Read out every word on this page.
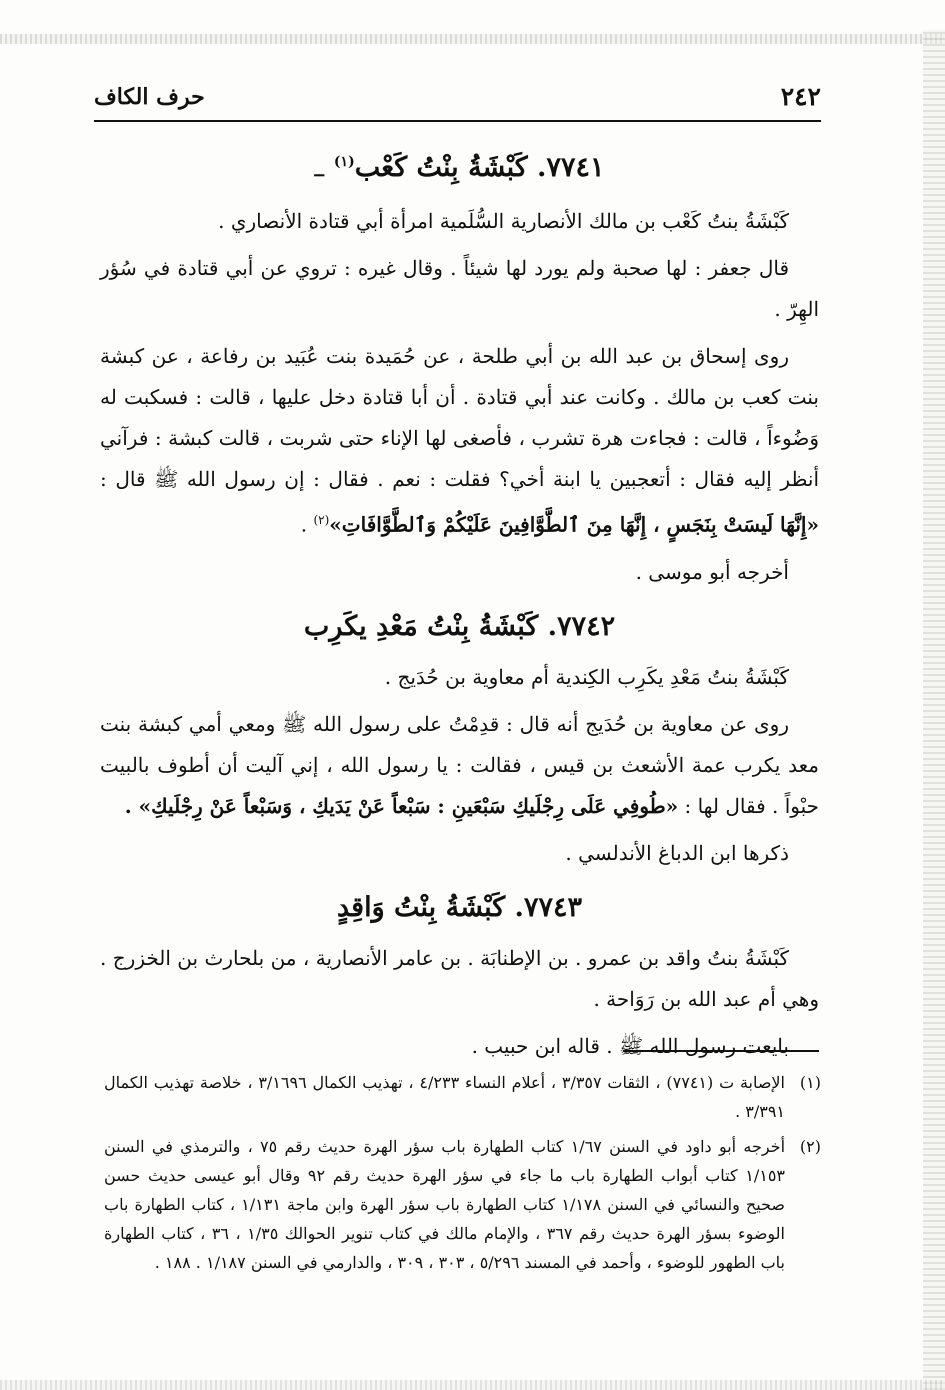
٢٤٢
حرف الكاف
٧٧٤١. كَبْشَةُ بِنْتُ كَعْب$^{(١)}$ــ

كَبْشَةُ بنتُ كَعْب بن مالك الأنصارية السُّلَمية امرأة أبي قتادة الأنصاري .

قال جعفر : لها صحبة ولم يورد لها شيئاً . وقال غيره : تروي عن أبي قتادة في سُؤر الهِرّ .

روى إسحاق بن عبد الله بن أبي طلحة ، عن حُمَيدة بنت عُبَيد بن رفاعة ، عن كبشة بنت كعب بن مالك . وكانت عند أبي قتادة . أن أبا قتادة دخل عليها ، قالت : فسكبت له وَضُوءاً ، قالت : فجاءت هرة تشرب ، فأصغى لها الإناء حتى شربت ، قالت كبشة : فرآني أنظر إليه فقال : أتعجبين يا ابنة أخي؟ فقلت : نعم . فقال : إن رسول الله ﷺ قال : «إِنَّهَا لَيسَتْ بِنَجَسٍ ، إِنَّهَا مِنَ ٱلطَّوَّافِينَ عَلَيْكُمْ وَٱلطَّوَّافَاتِ»$^{(٢)}$ .

أخرجه أبو موسى .

٧٧٤٢. كَبْشَةُ بِنْتُ مَعْدِ يكَرِب

كَبْشَةُ بنتُ مَعْدِ يكَرِب الكِندية أم معاوية بن حُدَيج .

روى عن معاوية بن حُدَيج أنه قال : قدِمْتُ على رسول الله ﷺ ومعي أمي كبشة بنت معد يكرب عمة الأشعث بن قيس ، فقالت : يا رسول الله ، إني آليت أن أطوف بالبيت حبْواً . فقال لها : «طُوفِي عَلَى رِجْلَيكِ سَبْعَينِ : سَبْعاً عَنْ يَدَيكِ ، وَسَبْعاً عَنْ رِجْلَيكِ» .

ذكرها ابن الدباغ الأندلسي .

٧٧٤٣. كَبْشَةُ بِنْتُ وَاقِدٍ

كَبْشَةُ بنتُ واقد بن عمرو . بن الإطنابَة . بن عامر الأنصارية ، من بلحارث بن الخزرج . وهي أم عبد الله بن رَوَاحة .

بايعت رسول الله ﷺ . قاله ابن حبيب .

(١)
الإصابة ت (٧٧٤١) ، الثقات ٣/٣٥٧ ، أعلام النساء ٤/٢٣٣ ، تهذيب الكمال ٣/١٦٩٦ ، خلاصة تهذيب الكمال ٣/٣٩١ .

(٢)
أخرجه أبو داود في السنن ١/٦٧ كتاب الطهارة باب سؤر الهرة حديث رقم ٧٥ ، والترمذي في السنن ١/١٥٣ كتاب أبواب الطهارة باب ما جاء في سؤر الهرة حديث رقم ٩٢ وقال أبو عيسى حديث حسن صحيح والنسائي في السنن ١/١٧٨ كتاب الطهارة باب سؤر الهرة وابن ماجة ١/١٣١ ، كتاب الطهارة باب الوضوء بسؤر الهرة حديث رقم ٣٦٧ ، والإمام مالك في كتاب تنوير الحوالك ١/٣٥ ، ٣٦ ، كتاب الطهارة باب الطهور للوضوء ، وأحمد في المسند ٥/٢٩٦ ، ٣٠٣ ، ٣٠٩ ، والدارمي في السنن ١/١٨٧ . ١٨٨ .
